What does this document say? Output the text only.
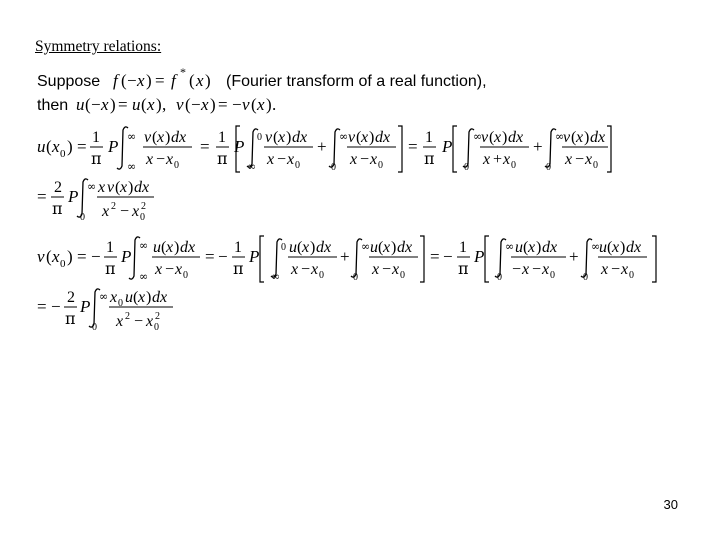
Symmetry relations:
Suppose f ( − x ) = f * ( x ) (Fourier transform of a real function),
then u ( − x ) = u ( x ) , v ( − x ) = − v ( x ) .
u ( x 0 ) = 1
π
P
∞
∞
v ( x ) dx
x − x 0
= 1
π
P 0
∞
v ( x ) dx
x − x 0
+
∞
0
v ( x ) dx
x − x 0
= 1
π
P
∞
0
v ( x ) dx
x + x 0
+
∞
0
v ( x ) dx
x − x 0
= 2
π
P
∞
0
x v ( x ) dx
x 2 − x 2
0
v ( x 0 ) = − 1
π
P
∞
∞
u ( x ) dx
x − x 0
= − 1
π
P 0
∞
u ( x ) dx
x − x 0
+
∞
0
u ( x ) dx
x − x 0
= − 1
π
P
∞
0
u ( x ) dx
− x − x 0
+
∞
0
u ( x ) dx
x − x 0
= − 2
π
P
∞
0
x 0 u ( x ) dx
x 2 − x 2
0
30
